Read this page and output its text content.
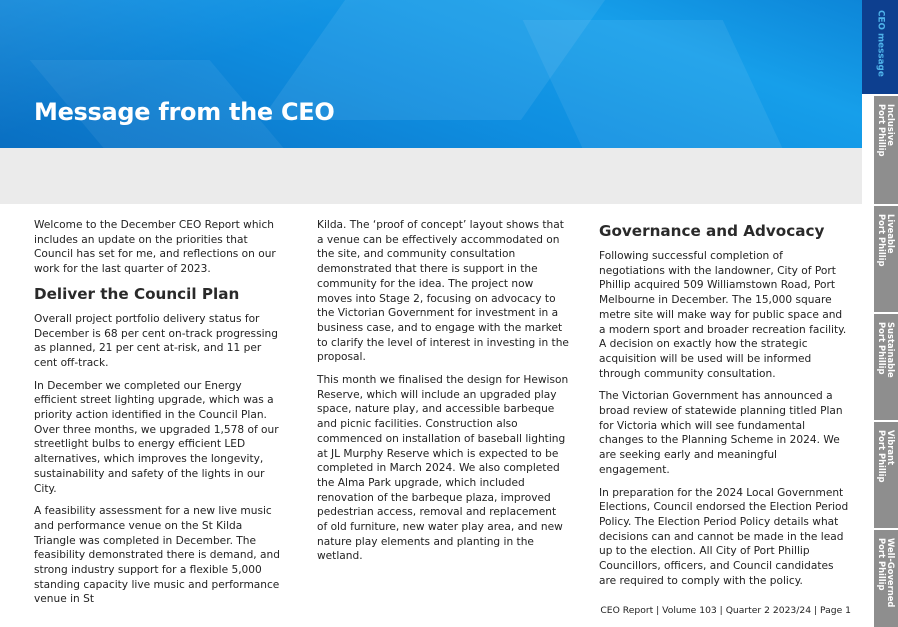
Message from the CEO

Welcome to the December CEO Report which includes an update on the priorities that Council has set for me, and reflections on our work for the last quarter of 2023.

Deliver the Council Plan

Overall project portfolio delivery status for December is 68 per cent on-track progressing as planned, 21 per cent at-risk, and 11 per cent off-track.

In December we completed our Energy efficient street lighting upgrade, which was a priority action identified in the Council Plan. Over three months, we upgraded 1,578 of our streetlight bulbs to energy efficient LED alternatives, which improves the longevity, sustainability and safety of the lights in our City.

A feasibility assessment for a new live music and performance venue on the St Kilda Triangle was completed in December. The feasibility demonstrated there is demand, and strong industry support for a flexible 5,000 standing capacity live music and performance venue in St

Kilda. The ‘proof of concept’ layout shows that a venue can be effectively accommodated on the site, and community consultation demonstrated that there is support in the community for the idea. The project now moves into Stage 2, focusing on advocacy to the Victorian Government for investment in a business case, and to engage with the market to clarify the level of interest in investing in the proposal.

This month we finalised the design for Hewison Reserve, which will include an upgraded play space, nature play, and accessible barbeque and picnic facilities. Construction also commenced on installation of baseball lighting at JL Murphy Reserve which is expected to be completed in March 2024. We also completed the Alma Park upgrade, which included renovation of the barbeque plaza, improved pedestrian access, removal and replacement of old furniture, new water play area, and new nature play elements and planting in the wetland.

Governance and Advocacy

Following successful completion of negotiations with the landowner, City of Port Phillip acquired 509 Williamstown Road, Port Melbourne in December. The 15,000 square metre site will make way for public space and a modern sport and broader recreation facility. A decision on exactly how the strategic acquisition will be used will be informed through community consultation.

The Victorian Government has announced a broad review of statewide planning titled Plan for Victoria which will see fundamental changes to the Planning Scheme in 2024. We are seeking early and meaningful engagement.

In preparation for the 2024 Local Government Elections, Council endorsed the Election Period Policy. The Election Period Policy details what decisions can and cannot be made in the lead up to the election. All City of Port Phillip Councillors, officers, and Council candidates are required to comply with the policy.

CEO Report | Volume 103 | Quarter 2 2023/24 | Page 1
CEO message
Inclusive
Port Phillip
Liveable
Port Phillip
Sustainable
Port Phillip
Vibrant
Port Phillip
Well-Governed
Port Phillip
